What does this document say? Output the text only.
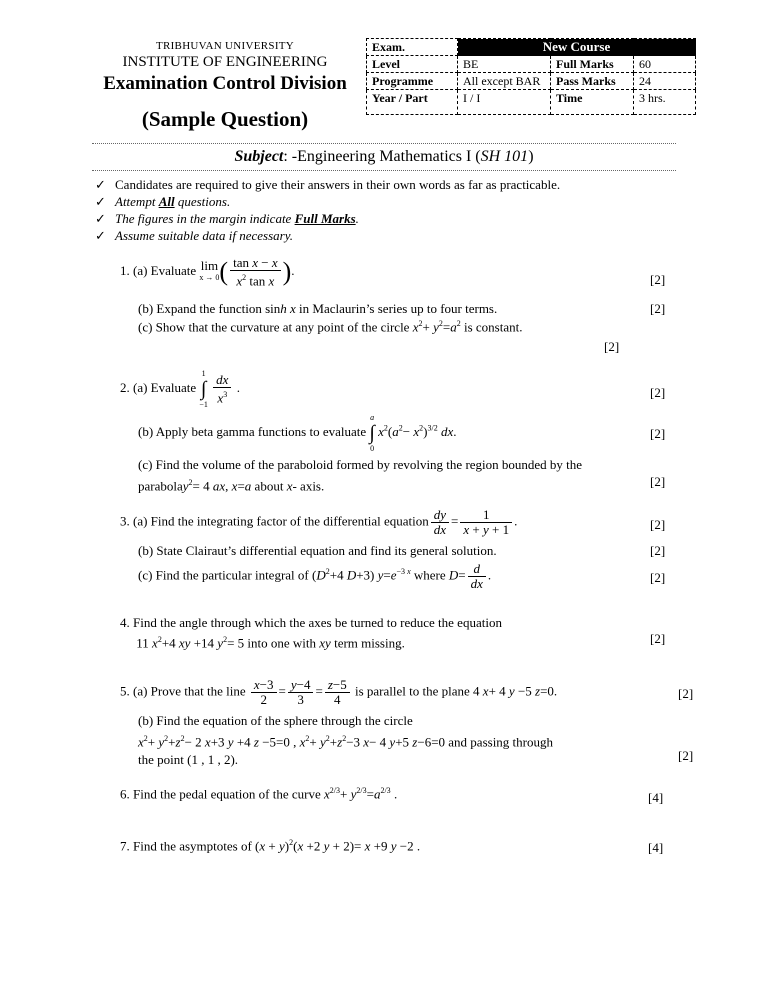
TRIBHUVAN UNIVERSITY
INSTITUTE OF ENGINEERING
Examination Control Division
(Sample Question)
Exam.	New Course		
Level	BE	Full Marks	60
Programme	All except BAR	Pass Marks	24
Year / Part	I / I	Time	3 hrs.
Subject: -Engineering Mathematics I (SH 101)
✓ Candidates are required to give their answers in their own words as far as practicable.
✓ Attempt All questions.
✓ The figures in the margin indicate Full Marks.
✓ Assume suitable data if necessary.
1. (a) Evaluate lim
x → 0 ( $\frac{\text{tan x − x}}{x^2 \tan x}$ ).
[2]
(b) Expand the function sinh x in Maclaurin’s series up to four terms.	[2]
(c) Show that the curvature at any point of the circle $x^2+ y^2=a^2$ is constant.
[2]
2. (a) Evaluate
1
∫
−1
$\frac{dx}{x^3}$ .	[2]
(b) Apply beta gamma functions to evaluate
a
∫
0
$x^2(a^2- x^2)^{3/2}$ dx.	[2]
(c) Find the volume of the paraboloid formed by revolving the region bounded by the
parabolay$^2$= 4 ax, x=a about x- axis.	[2]
3. (a) Find the integrating factor of the differential equation $\frac{dy}{dx} = \frac{1}{x + y + 1}$ .	[2]
(b) State Clairaut’s differential equation and find its general solution.	[2]
(c) Find the particular integral of ($D^2+4$ D+3) $y=e^{-3 x}$ where $D= \frac{d}{dx}$ .	[2]
4. Find the angle through which the axes be turned to reduce the equation
11 $x^2+4$ xy +14 $y^2= 5$ into one with xy term missing.	[2]
5. (a) Prove that the line $\frac{x-3}{2} = \frac{y-4}{3} = \frac{z-5}{4}$ is parallel to the plane 4 x+ 4 y −5 z=0.	[2]
(b) Find the equation of the sphere through the circle
$x^2+ y^2+z^2- 2$ x+3 y +4 z −5=0 , $x^2+ y^2+z^2-3$ x− 4 y+5 z−6=0 and passing through
the point (1 , 1 , 2).	[2]
6. Find the pedal equation of the curve $x^{2/3}+ y^{2/3}=a^{2/3}$ .	[4]
7. Find the asymptotes of $(x + y)^2(x +2$ y + 2)= x +9 y −2 .	[4]
